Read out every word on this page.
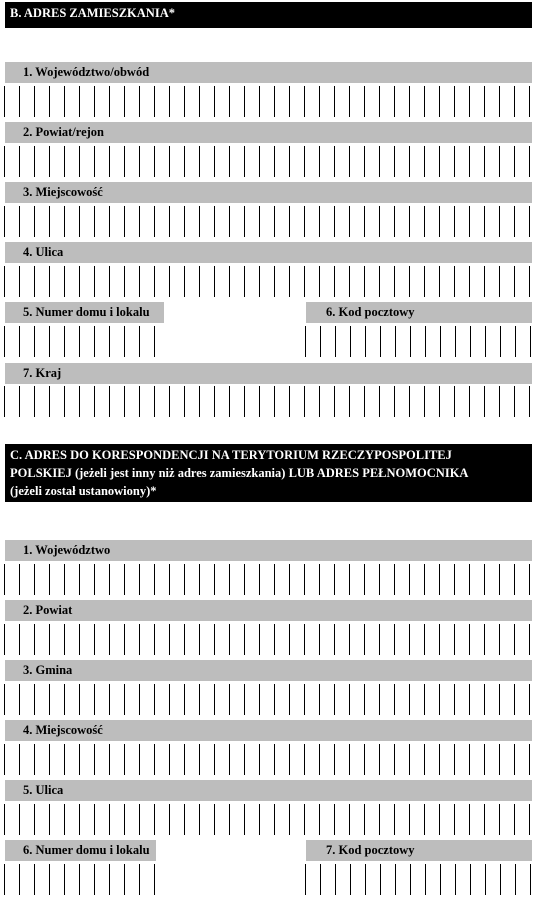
B. ADRES ZAMIESZKANIA*
1. Województwo/obwód
2. Powiat/rejon
3. Miejscowość
4. Ulica
5. Numer domu i lokalu	6. Kod pocztowy
7. Kraj
C. ADRES DO KORESPONDENCJI NA TERYTORIUM RZECZYPOSPOLITEJ
POLSKIEJ (jeżeli jest inny niż adres zamieszkania) LUB ADRES PEŁNOMOCNIKA
(jeżeli został ustanowiony)*
1. Województwo
2. Powiat
3. Gmina
4. Miejscowość
5. Ulica
6. Numer domu i lokalu	7. Kod pocztowy
